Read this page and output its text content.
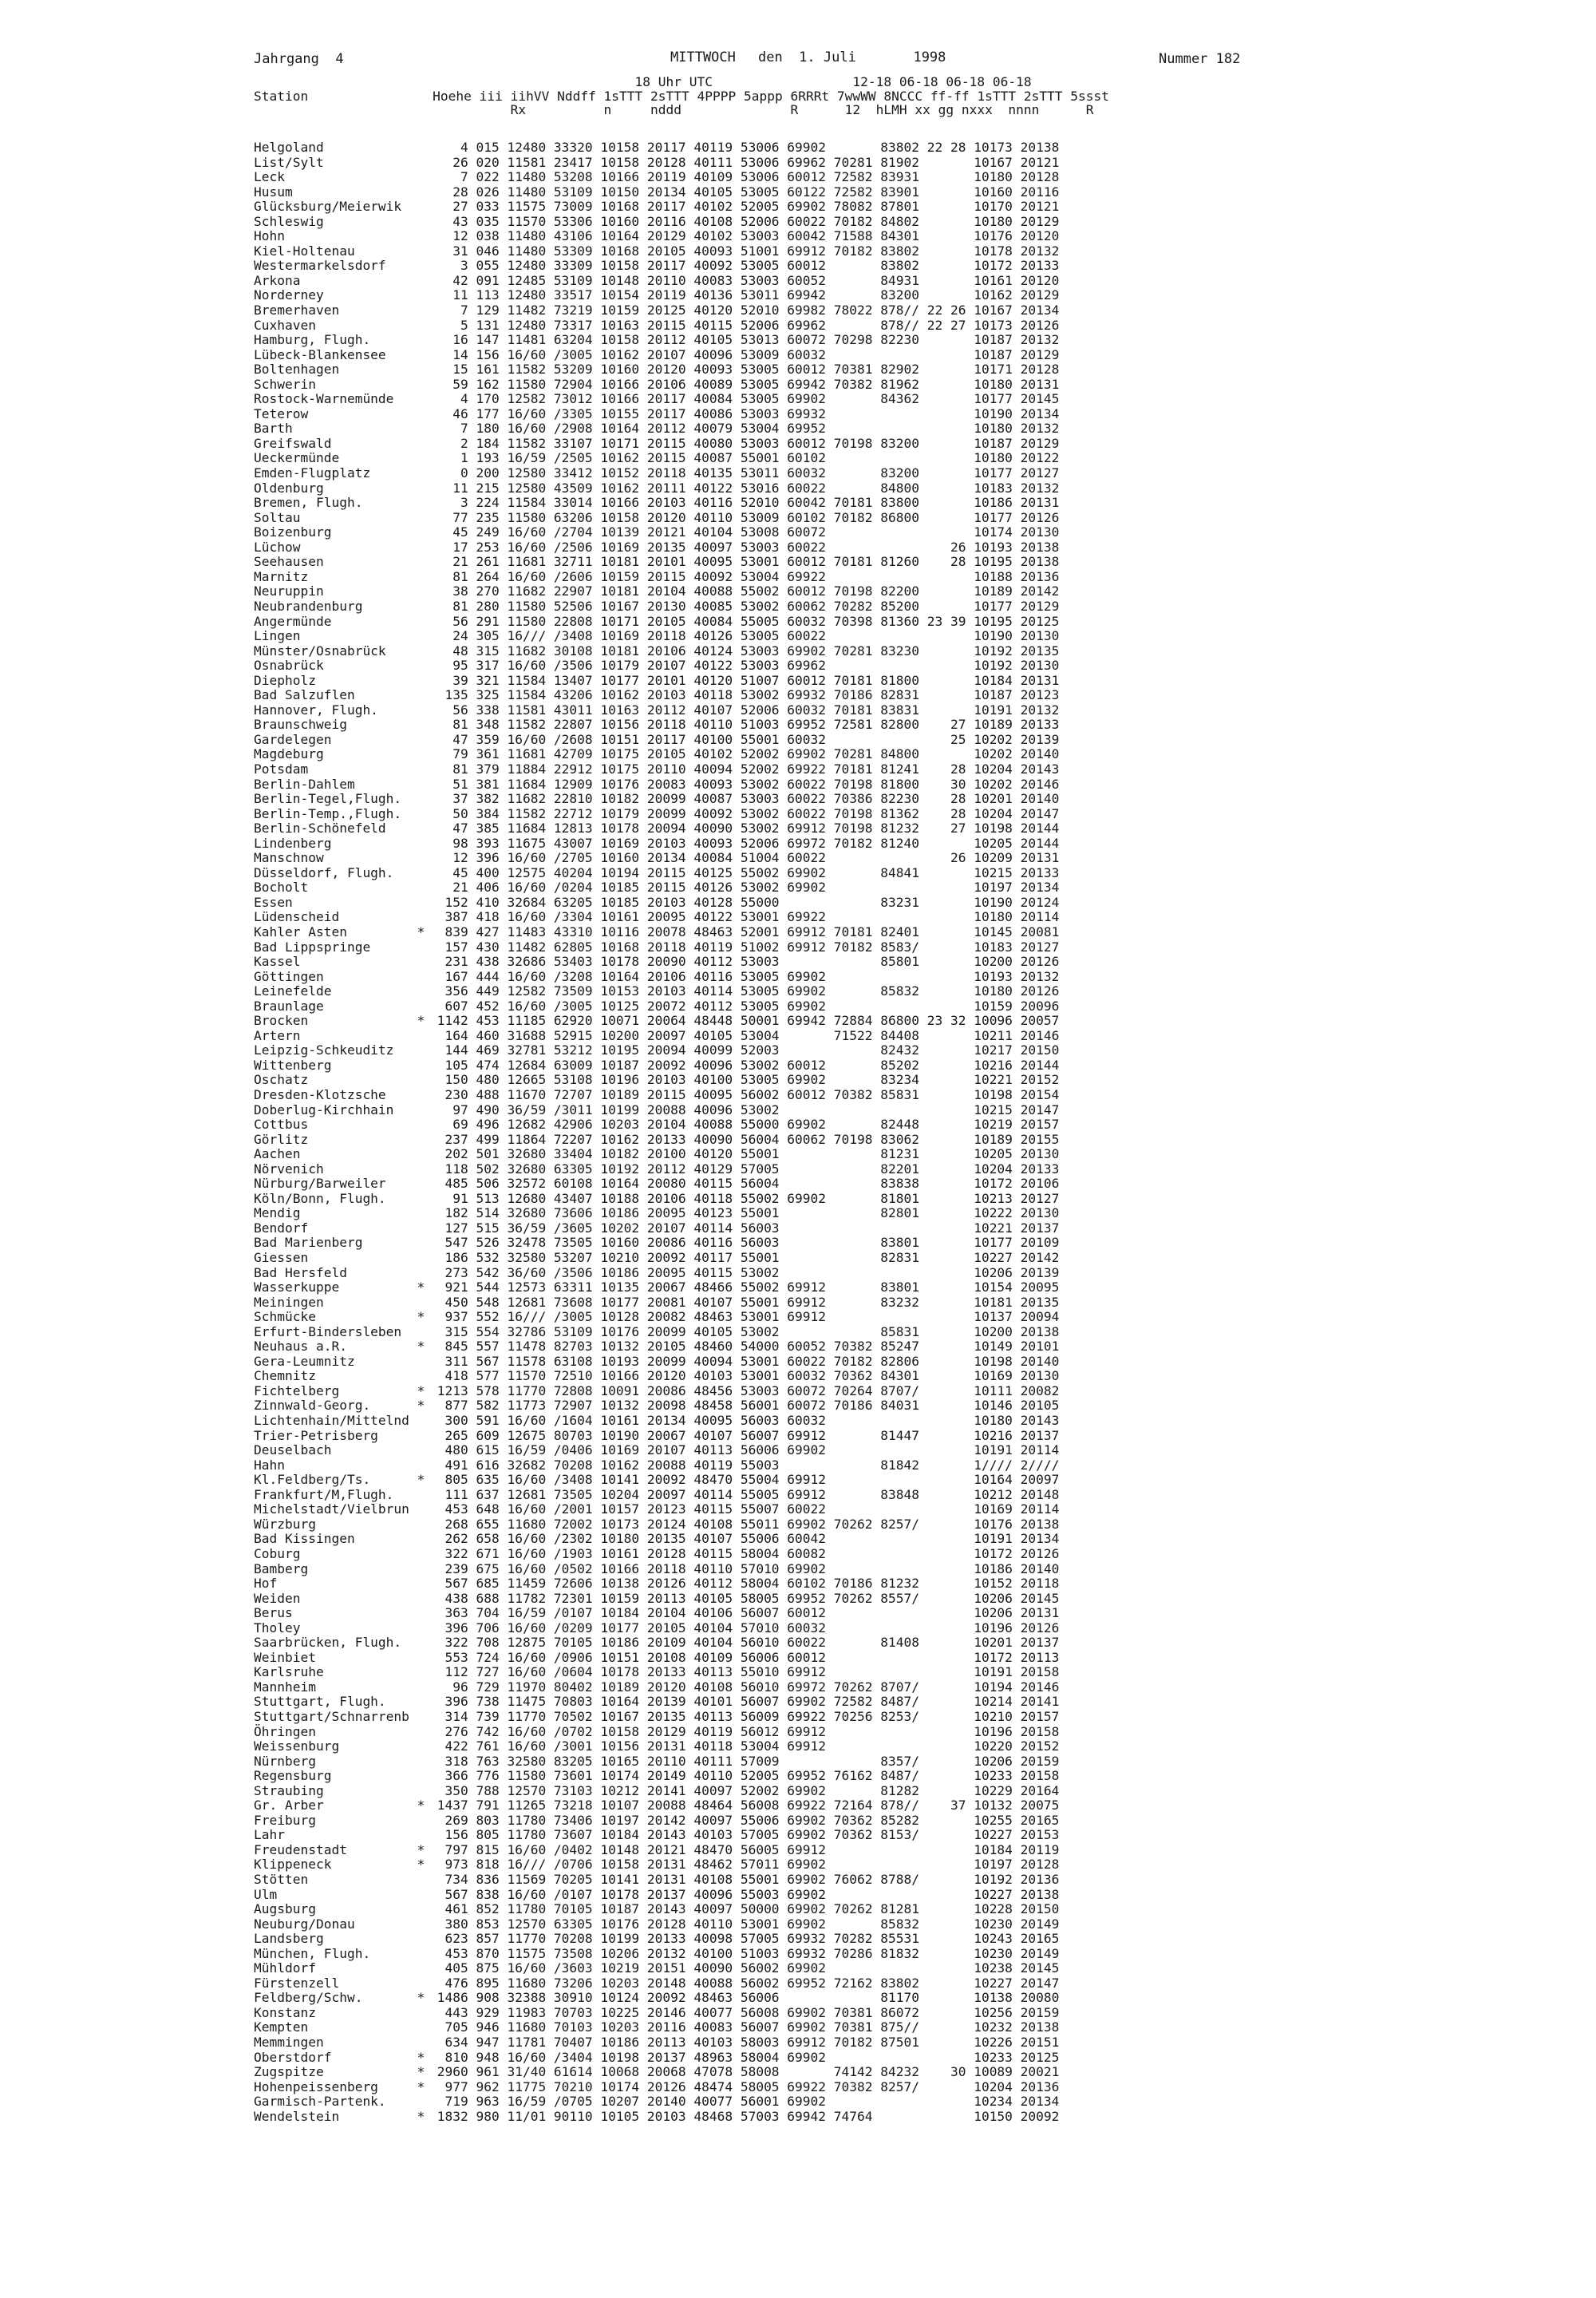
Jahrgang  4	MITTWOCH den  1. Juli       1998	Nummer 182
18 Uhr UTC                  12-18 06-18 06-18 06-18
Station                Hoehe iii iihVV Nddff 1sTTT 2sTTT 4PPPP 5appp 6RRRt 7wwWW 8NCCC ff-ff 1sTTT 2sTTT 5ssst
Rx          n     nddd              R      12  hLMH xx gg nxxx  nnnn      R
Helgoland	4 015 12480 33320 10158 20117 40119 53006 69902       83802 22 28 10173 20138
List/Sylt	26 020 11581 23417 10158 20128 40111 53006 69962 70281 81902       10167 20121
Leck	7 022 11480 53208 10166 20119 40109 53006 60012 72582 83931       10180 20128
Husum	28 026 11480 53109 10150 20134 40105 53005 60122 72582 83901       10160 20116
Glücksburg/Meierwik   27 033 11575 73009 10168 20117 40102 52005 69902 78082 87801       10170 20121
Schleswig	43 035 11570 53306 10160 20116 40108 52006 60022 70182 84802       10180 20129
Hohn	12 038 11480 43106 10164 20129 40102 53003 60042 71588 84301       10176 20120
Kiel-Holtenau	31 046 11480 53309 10168 20105 40093 51001 69912 70182 83802       10178 20132
Westermarkelsdorf	3 055 12480 33309 10158 20117 40092 53005 60012       83802       10172 20133
Arkona	42 091 12485 53109 10148 20110 40083 53003 60052       84931       10161 20120
Norderney	11 113 12480 33517 10154 20119 40136 53011 69942       83200       10162 20129
Bremerhaven	7 129 11482 73219 10159 20125 40120 52010 69982 78022 878// 22 26 10167 20134
Cuxhaven	5 131 12480 73317 10163 20115 40115 52006 69962       878// 22 27 10173 20126
Hamburg, Flugh.	16 147 11481 63204 10158 20112 40105 53013 60072 70298 82230       10187 20132
Lübeck-Blankensee	14 156 16/60 /3005 10162 20107 40096 53009 60032                   10187 20129
Boltenhagen	15 161 11582 53209 10160 20120 40093 53005 60012 70381 82902       10171 20128
Schwerin	59 162 11580 72904 10166 20106 40089 53005 69942 70382 81962       10180 20131
Rostock-Warnemünde	4 170 12582 73012 10166 20117 40084 53005 69902       84362       10177 20145
Teterow	46 177 16/60 /3305 10155 20117 40086 53003 69932                   10190 20134
Barth	7 180 16/60 /2908 10164 20112 40079 53004 69952                   10180 20132
Greifswald	2 184 11582 33107 10171 20115 40080 53003 60012 70198 83200       10187 20129
Ueckermünde	1 193 16/59 /2505 10162 20115 40087 55001 60102                   10180 20122
Emden-Flugplatz	0 200 12580 33412 10152 20118 40135 53011 60032       83200       10177 20127
Oldenburg	11 215 12580 43509 10162 20111 40122 53016 60022       84800       10183 20132
Bremen, Flugh.	3 224 11584 33014 10166 20103 40116 52010 60042 70181 83800       10186 20131
Soltau	77 235 11580 63206 10158 20120 40110 53009 60102 70182 86800       10177 20126
Boizenburg	45 249 16/60 /2704 10139 20121 40104 53008 60072                   10174 20130
Lüchow	17 253 16/60 /2506 10169 20135 40097 53003 60022                26 10193 20138
Seehausen	21 261 11681 32711 10181 20101 40095 53001 60012 70181 81260    28 10195 20138
Marnitz	81 264 16/60 /2606 10159 20115 40092 53004 69922                   10188 20136
Neuruppin	38 270 11682 22907 10181 20104 40088 55002 60012 70198 82200       10189 20142
Neubrandenburg	81 280 11580 52506 10167 20130 40085 53002 60062 70282 85200       10177 20129
Angermünde	56 291 11580 22808 10171 20105 40084 55005 60032 70398 81360 23 39 10195 20125
Lingen	24 305 16/// /3408 10169 20118 40126 53005 60022                   10190 20130
Münster/Osnabrück	48 315 11682 30108 10181 20106 40124 53003 69902 70281 83230       10192 20135
Osnabrück	95 317 16/60 /3506 10179 20107 40122 53003 69962                   10192 20130
Diepholz	39 321 11584 13407 10177 20101 40120 51007 60012 70181 81800       10184 20131
Bad Salzuflen	135 325 11584 43206 10162 20103 40118 53002 69932 70186 82831       10187 20123
Hannover, Flugh.	56 338 11581 43011 10163 20112 40107 52006 60032 70181 83831       10191 20132
Braunschweig	81 348 11582 22807 10156 20118 40110 51003 69952 72581 82800    27 10189 20133
Gardelegen	47 359 16/60 /2608 10151 20117 40100 55001 60032                25 10202 20139
Magdeburg	79 361 11681 42709 10175 20105 40102 52002 69902 70281 84800       10202 20140
Potsdam	81 379 11884 22912 10175 20110 40094 52002 69922 70181 81241    28 10204 20143
Berlin-Dahlem	51 381 11684 12909 10176 20083 40093 53002 60022 70198 81800    30 10202 20146
Berlin-Tegel,Flugh.   37 382 11682 22810 10182 20099 40087 53003 60022 70386 82230    28 10201 20140
Berlin-Temp.,Flugh.   50 384 11582 22712 10179 20099 40092 53002 60022 70198 81362    28 10204 20147
Berlin-Schönefeld	47 385 11684 12813 10178 20094 40090 53002 69912 70198 81232    27 10198 20144
Lindenberg	98 393 11675 43007 10169 20103 40093 52006 69972 70182 81240       10205 20144
Manschnow	12 396 16/60 /2705 10160 20134 40084 51004 60022                26 10209 20131
Düsseldorf, Flugh.	45 400 12575 40204 10194 20115 40125 55002 69902       84841       10215 20133
Bocholt	21 406 16/60 /0204 10185 20115 40126 53002 69902                   10197 20134
Essen	152 410 32684 63205 10185 20103 40128 55000             83231       10190 20124
Lüdenscheid	387 418 16/60 /3304 10161 20095 40122 53001 69922                   10180 20114
Kahler Asten         *  839 427 11483 43310 10116 20078 48463 52001 69912 70181 82401       10145 20081
Bad Lippspringe	157 430 11482 62805 10168 20118 40119 51002 69912 70182 8583/       10183 20127
Kassel	231 438 32686 53403 10178 20090 40112 53003             85801       10200 20126
Göttingen	167 444 16/60 /3208 10164 20106 40116 53005 69902                   10193 20132
Leinefelde	356 449 12582 73509 10153 20103 40114 53005 69902       85832       10180 20126
Braunlage	607 452 16/60 /3005 10125 20072 40112 53005 69902                   10159 20096
Brocken              * 1142 453 11185 62920 10071 20064 48448 50001 69942 72884 86800 23 32 10096 20057
Artern	164 460 31688 52915 10200 20097 40105 53004       71522 84408       10211 20146
Leipzig-Schkeuditz	144 469 32781 53212 10195 20094 40099 52003             82432       10217 20150
Wittenberg	105 474 12684 63009 10187 20092 40096 53002 60012       85202       10216 20144
Oschatz	150 480 12665 53108 10196 20103 40100 53005 69902       83234       10221 20152
Dresden-Klotzsche	230 488 11670 72707 10189 20115 40095 56002 60012 70382 85831       10198 20154
Doberlug-Kirchhain	97 490 36/59 /3011 10199 20088 40096 53002                         10215 20147
Cottbus	69 496 12682 42906 10203 20104 40088 55000 69902       82448       10219 20157
Görlitz	237 499 11864 72207 10162 20133 40090 56004 60062 70198 83062       10189 20155
Aachen	202 501 32680 33404 10182 20100 40120 55001             81231       10205 20130
Nörvenich	118 502 32680 63305 10192 20112 40129 57005             82201       10204 20133
Nürburg/Barweiler	485 506 32572 60108 10164 20080 40115 56004             83838       10172 20106
Köln/Bonn, Flugh.	91 513 12680 43407 10188 20106 40118 55002 69902       81801       10213 20127
Mendig	182 514 32680 73606 10186 20095 40123 55001             82801       10222 20130
Bendorf	127 515 36/59 /3605 10202 20107 40114 56003                         10221 20137
Bad Marienberg	547 526 32478 73505 10160 20086 40116 56003             83801       10177 20109
Giessen	186 532 32580 53207 10210 20092 40117 55001             82831       10227 20142
Bad Hersfeld	273 542 36/60 /3506 10186 20095 40115 53002                         10206 20139
Wasserkuppe          *  921 544 12573 63311 10135 20067 48466 55002 69912       83801       10154 20095
Meiningen	450 548 12681 73608 10177 20081 40107 55001 69912       83232       10181 20135
Schmücke             *  937 552 16/// /3005 10128 20082 48463 53001 69912                   10137 20094
Erfurt-Bindersleben  315 554 32786 53109 10176 20099 40105 53002             85831       10200 20138
Neuhaus a.R.         *  845 557 11478 82703 10132 20105 48460 54000 60052 70382 85247       10149 20101
Gera-Leumnitz	311 567 11578 63108 10193 20099 40094 53001 60022 70182 82806       10198 20140
Chemnitz	418 577 11570 72510 10166 20120 40103 53001 60032 70362 84301       10169 20130
Fichtelberg          * 1213 578 11770 72808 10091 20086 48456 53003 60072 70264 8707/       10111 20082
Zinnwald-Georg.      *  877 582 11773 72907 10132 20098 48458 56001 60072 70186 84031       10146 20105
Lichtenhain/Mittelnd  300 591 16/60 /1604 10161 20134 40095 56003 60032                   10180 20143
Trier-Petrisberg	265 609 12675 80703 10190 20067 40107 56007 69912       81447       10216 20137
Deuselbach	480 615 16/59 /0406 10169 20107 40113 56006 69902                   10191 20114
Hahn	491 616 32682 70208 10162 20088 40119 55003             81842       1//// 2////
Kl.Feldberg/Ts.      *  805 635 16/60 /3408 10141 20092 48470 55004 69912                   10164 20097
Frankfurt/M,Flugh.	111 637 12681 73505 10204 20097 40114 55005 69912       83848       10212 20148
Michelstadt/Vielbrun  453 648 16/60 /2001 10157 20123 40115 55007 60022                   10169 20114
Würzburg	268 655 11680 72002 10173 20124 40108 55011 69902 70262 8257/       10176 20138
Bad Kissingen	262 658 16/60 /2302 10180 20135 40107 55006 60042                   10191 20134
Coburg	322 671 16/60 /1903 10161 20128 40115 58004 60082                   10172 20126
Bamberg	239 675 16/60 /0502 10166 20118 40110 57010 69902                   10186 20140
Hof	567 685 11459 72606 10138 20126 40112 58004 60102 70186 81232       10152 20118
Weiden	438 688 11782 72301 10159 20113 40105 58005 69952 70262 8557/       10206 20145
Berus	363 704 16/59 /0107 10184 20104 40106 56007 60012                   10206 20131
Tholey	396 706 16/60 /0209 10177 20105 40104 57010 60032                   10196 20126
Saarbrücken, Flugh.  322 708 12875 70105 10186 20109 40104 56010 60022       81408       10201 20137
Weinbiet	553 724 16/60 /0906 10151 20108 40109 56006 60012                   10172 20113
Karlsruhe	112 727 16/60 /0604 10178 20133 40113 55010 69912                   10191 20158
Mannheim	96 729 11970 80402 10189 20120 40108 56010 69972 70262 8707/       10194 20146
Stuttgart, Flugh.	396 738 11475 70803 10164 20139 40101 56007 69902 72582 8487/       10214 20141
Stuttgart/Schnarrenb  314 739 11770 70502 10167 20135 40113 56009 69922 70256 8253/       10210 20157
Öhringen	276 742 16/60 /0702 10158 20129 40119 56012 69912                   10196 20158
Weissenburg	422 761 16/60 /3001 10156 20131 40118 53004 69912                   10220 20152
Nürnberg	318 763 32580 83205 10165 20110 40111 57009             8357/       10206 20159
Regensburg	366 776 11580 73601 10174 20149 40110 52005 69952 76162 8487/       10233 20158
Straubing	350 788 12570 73103 10212 20141 40097 52002 69902       81282       10229 20164
Gr. Arber            * 1437 791 11265 73218 10107 20088 48464 56008 69922 72164 878//    37 10132 20075
Freiburg	269 803 11780 73406 10197 20142 40097 55006 69902 70362 85282       10255 20165
Lahr	156 805 11780 73607 10184 20143 40103 57005 69902 70362 8153/       10227 20153
Freudenstadt         *  797 815 16/60 /0402 10148 20121 48470 56005 69912                   10184 20119
Klippeneck           *  973 818 16/// /0706 10158 20131 48462 57011 69902                   10197 20128
Stötten	734 836 11569 70205 10141 20131 40108 55001 69902 76062 8788/       10192 20136
Ulm	567 838 16/60 /0107 10178 20137 40096 55003 69902                   10227 20138
Augsburg	461 852 11780 70105 10187 20143 40097 50000 69902 70262 81281       10228 20150
Neuburg/Donau	380 853 12570 63305 10176 20128 40110 53001 69902       85832       10230 20149
Landsberg	623 857 11770 70208 10199 20133 40098 57005 69932 70282 85531       10243 20165
München, Flugh.	453 870 11575 73508 10206 20132 40100 51003 69932 70286 81832       10230 20149
Mühldorf	405 875 16/60 /3603 10219 20151 40090 56002 69902                   10238 20145
Fürstenzell	476 895 11680 73206 10203 20148 40088 56002 69952 72162 83802       10227 20147
Feldberg/Schw.       * 1486 908 32388 30910 10124 20092 48463 56006             81170       10138 20080
Konstanz	443 929 11983 70703 10225 20146 40077 56008 69902 70381 86072       10256 20159
Kempten	705 946 11680 70103 10203 20116 40083 56007 69902 70381 875//       10232 20138
Memmingen	634 947 11781 70407 10186 20113 40103 58003 69912 70182 87501       10226 20151
Oberstdorf           *  810 948 16/60 /3404 10198 20137 48963 58004 69902                   10233 20125
Zugspitze            * 2960 961 31/40 61614 10068 20068 47078 58008       74142 84232    30 10089 20021
Hohenpeissenberg     *  977 962 11775 70210 10174 20126 48474 58005 69922 70382 8257/       10204 20136
Garmisch-Partenk.	719 963 16/59 /0705 10207 20140 40077 56001 69902                   10234 20134
Wendelstein          * 1832 980 11/01 90110 10105 20103 48468 57003 69942 74764             10150 20092
